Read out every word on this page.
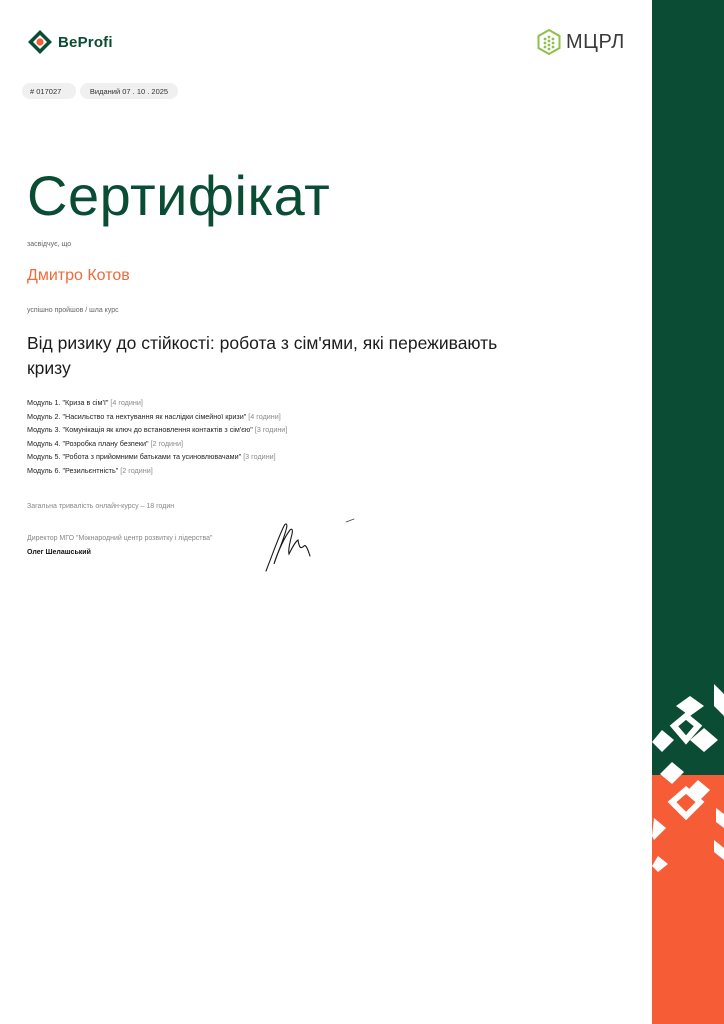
BeProfi	МЦРЛ
# 017027	Виданий 07 . 10 . 2025
Сертифікат
засвідчує, що
Дмитро Котов
успішно пройшов / шла курс
Від ризику до стійкості: робота з сім'ями, які переживають кризу
Модуль 1. "Криза в сім'ї" [4 години]
Модуль 2. "Насильство та нехтування як наслідки сімейної кризи" [4 години]
Модуль 3. "Комунікація як ключ до встановлення контактів з сім'єю" [3 години]
Модуль 4. "Розробка плану безпеки" [2 години]
Модуль 5. "Робота з прийомними батьками та усиновлювачами" [3 години]
Модуль 6. "Резильєнтність" [2 години]
Загальна тривалість онлайн-курсу – 18 годин
Директор МГО "Міжнародний центр розвитку і лідерства"
Олег Шелашський
